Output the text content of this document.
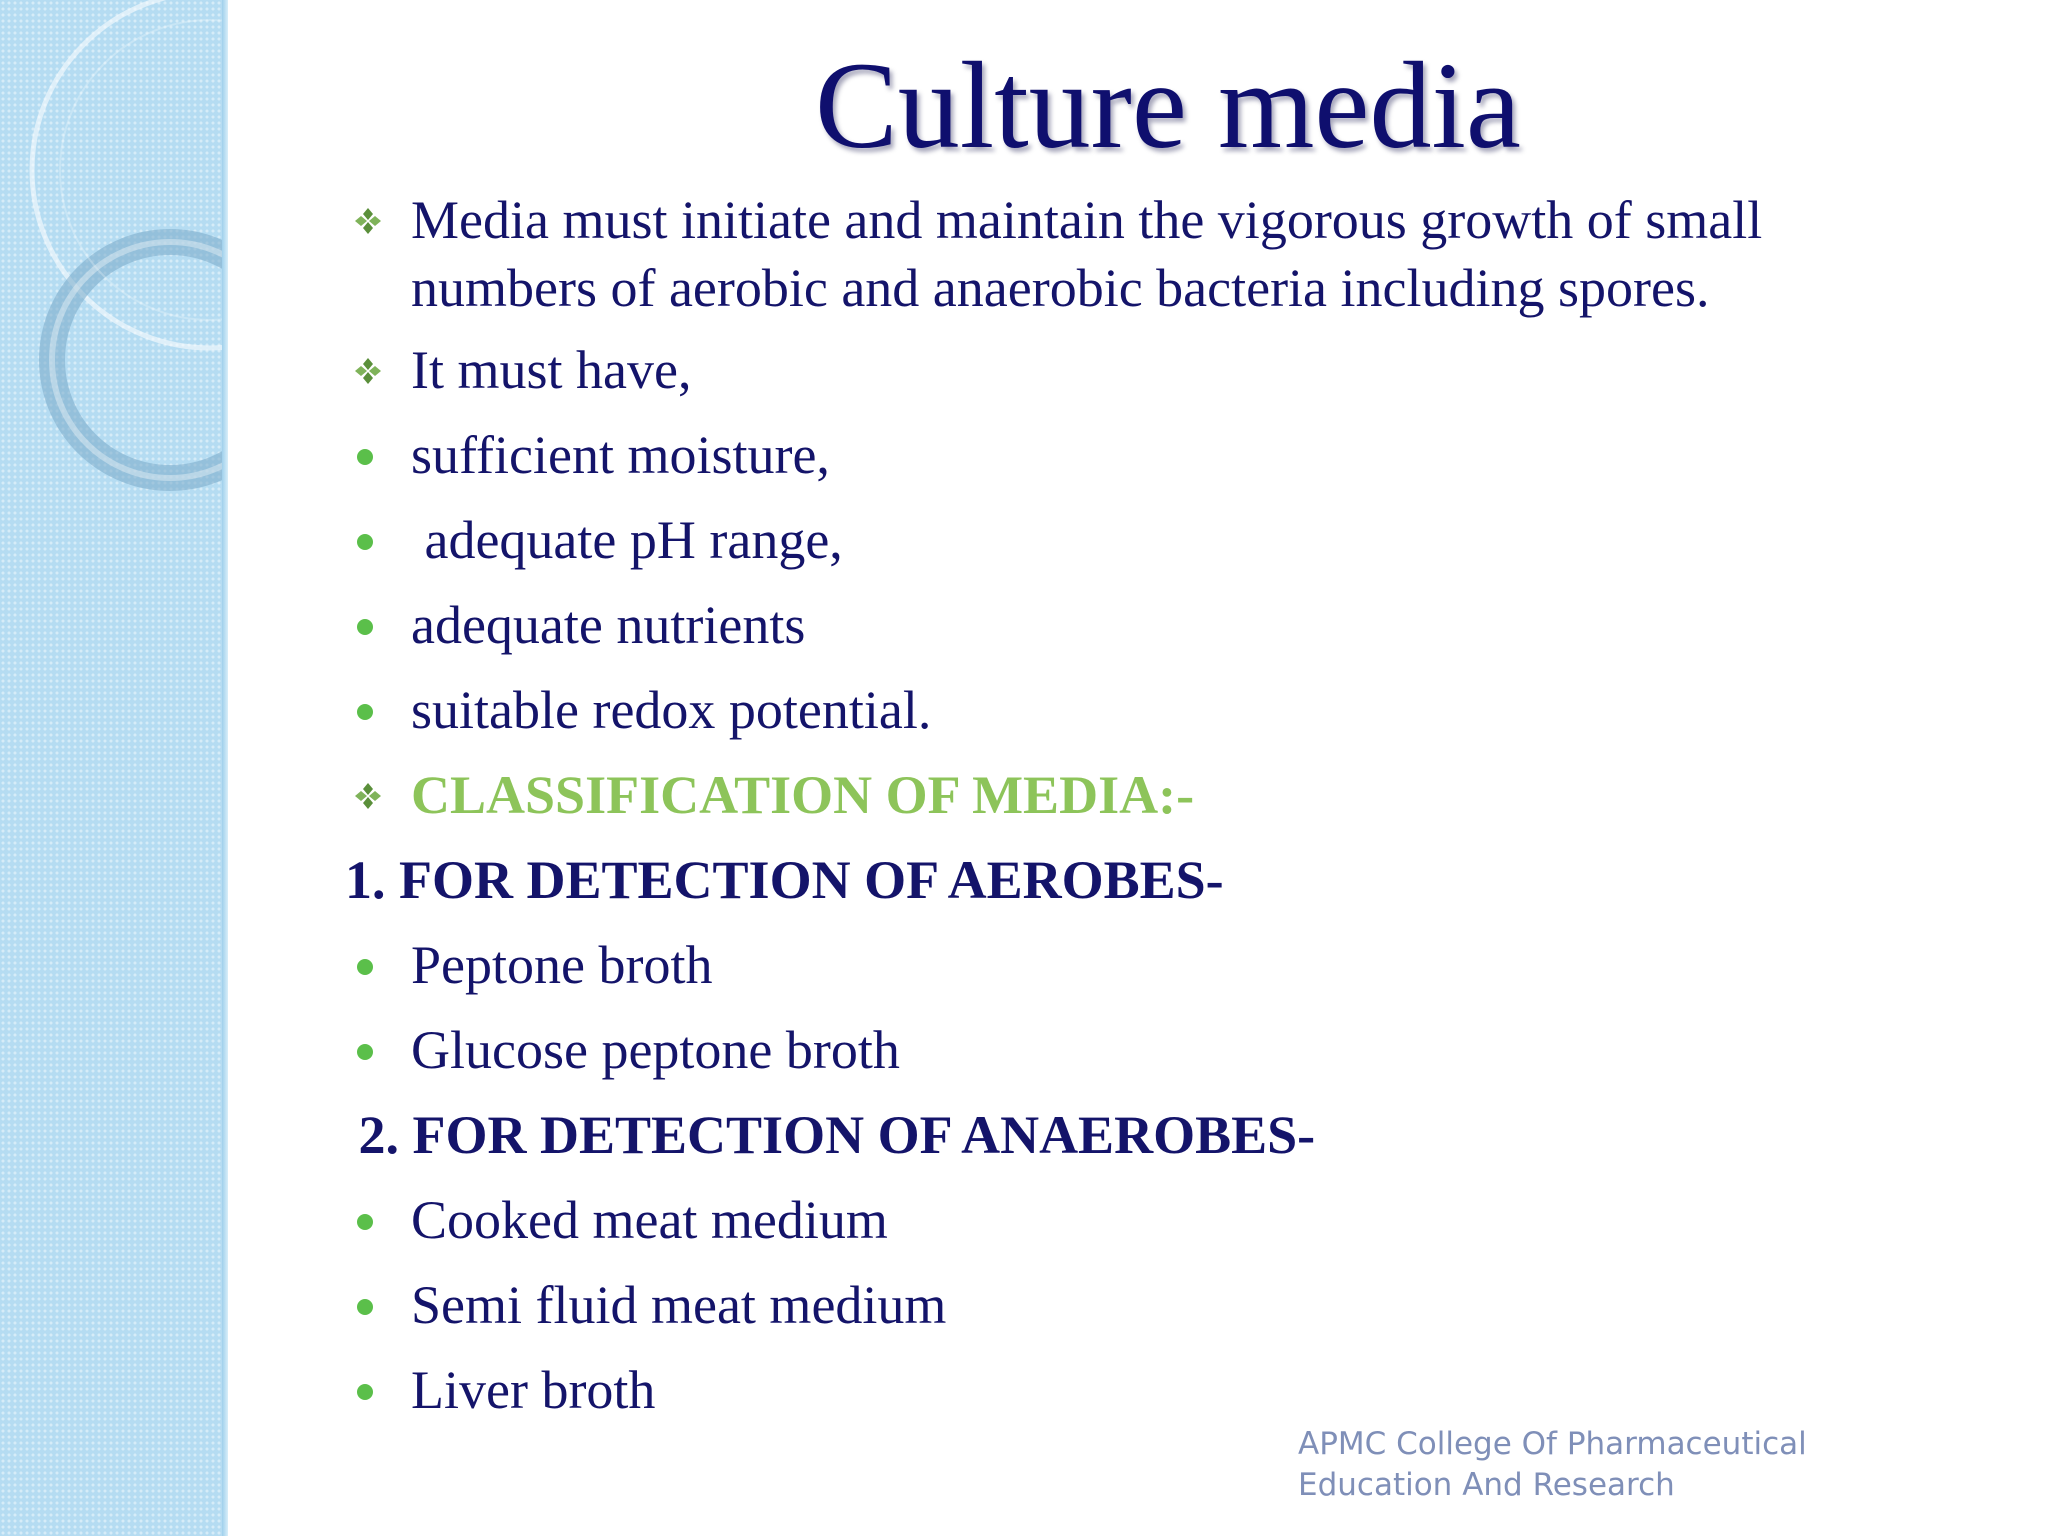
Culture media
Media must initiate and maintain the vigorous growth of small numbers of aerobic and anaerobic bacteria including spores.
It must have,
sufficient moisture,
adequate pH range,
adequate nutrients
suitable redox potential.
CLASSIFICATION OF MEDIA:-
1. FOR DETECTION OF AEROBES-
Peptone broth
Glucose peptone broth
2. FOR DETECTION OF ANAEROBES-
Cooked meat medium
Semi fluid meat medium
Liver broth
APMC College Of Pharmaceutical
Education And Research
